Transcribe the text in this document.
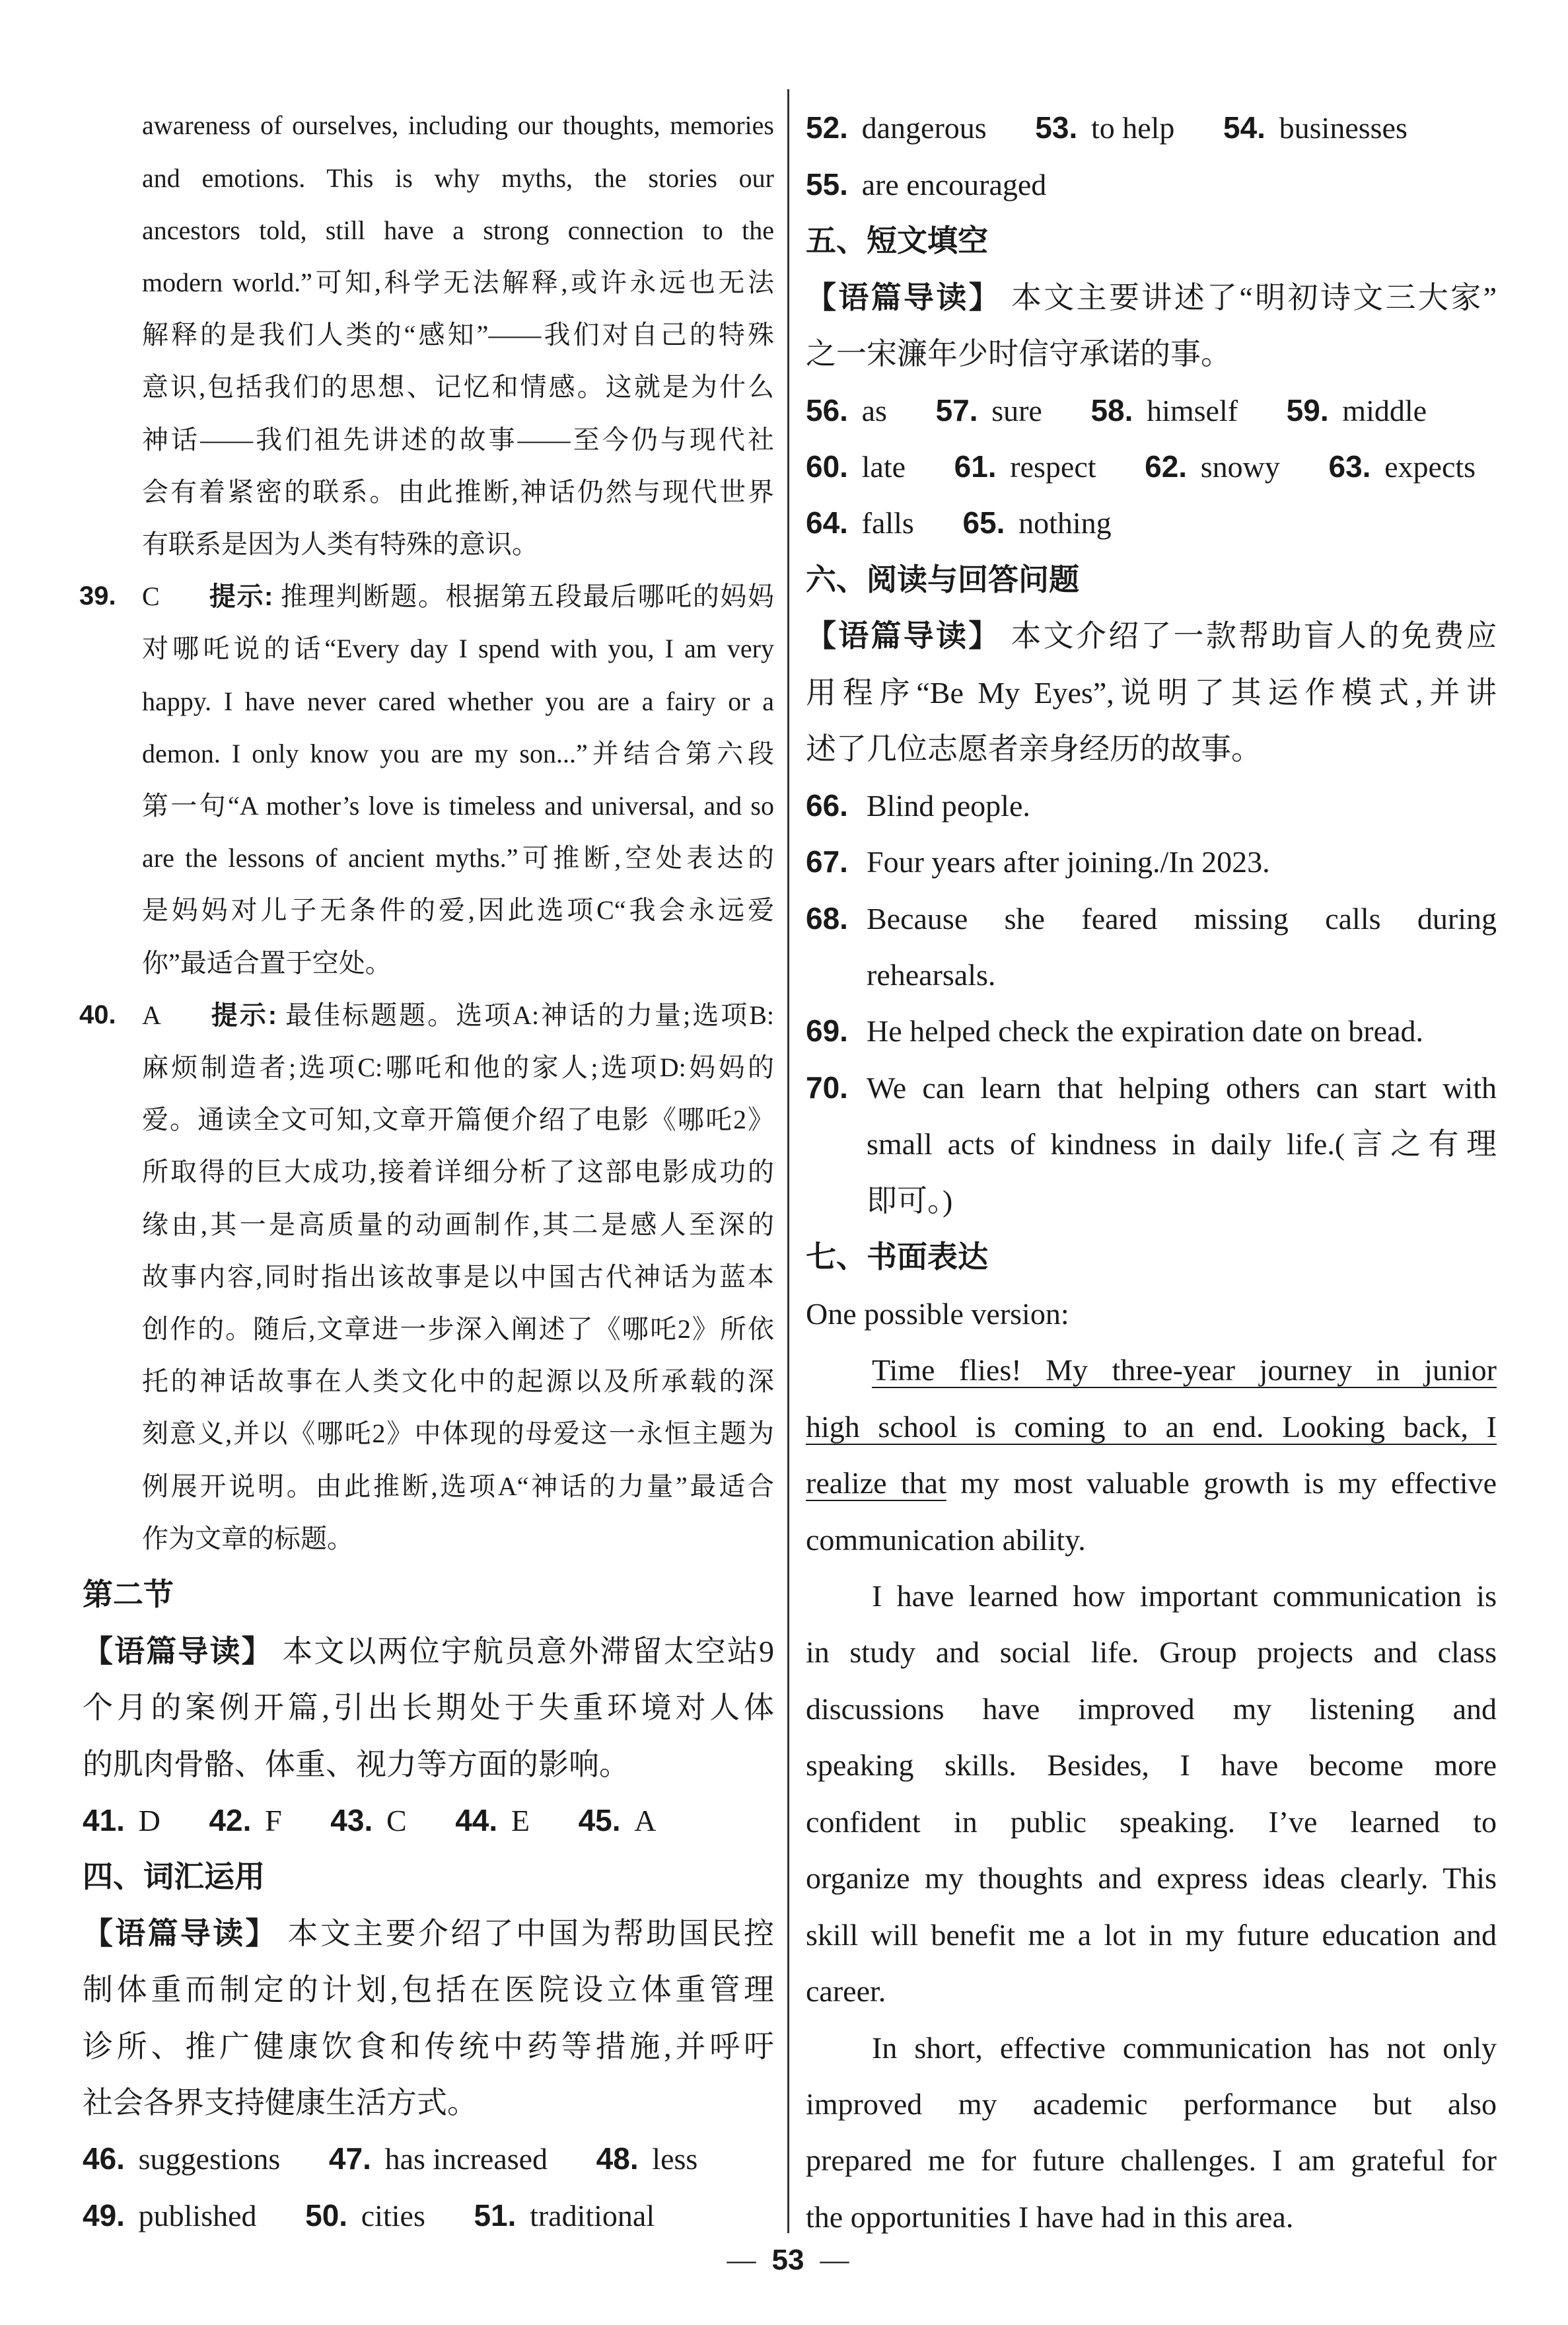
awareness of ourselves, including our thoughts, memories
and emotions. This is why myths, the stories our
ancestors told, still have a strong connection to the
modern world.”可知,科学无法解释,或许永远也无法
解释的是我们人类的“感知”——我们对自己的特殊
意识,包括我们的思想、记忆和情感。这就是为什么
神话——我们祖先讲述的故事——至今仍与现代社
会有着紧密的联系。由此推断,神话仍然与现代世界
有联系是因为人类有特殊的意识。
39. C 提示: 推理判断题。根据第五段最后哪吒的妈妈
对哪吒说的话“Every day I spend with you, I am very
happy. I have never cared whether you are a fairy or a
demon. I only know you are my son...”并结合第六段
第一句“A mother’s love is timeless and universal, and so
are the lessons of ancient myths.”可推断,空处表达的
是妈妈对儿子无条件的爱,因此选项C“我会永远爱
你”最适合置于空处。
40. A 提示: 最佳标题题。选项A:神话的力量;选项B:
麻烦制造者;选项C:哪吒和他的家人;选项D:妈妈的
爱。通读全文可知,文章开篇便介绍了电影《哪吒2》
所取得的巨大成功,接着详细分析了这部电影成功的
缘由,其一是高质量的动画制作,其二是感人至深的
故事内容,同时指出该故事是以中国古代神话为蓝本
创作的。随后,文章进一步深入阐述了《哪吒2》所依
托的神话故事在人类文化中的起源以及所承载的深
刻意义,并以《哪吒2》中体现的母爱这一永恒主题为
例展开说明。由此推断,选项A“神话的力量”最适合
作为文章的标题。
第二节
【语篇导读】 本文以两位宇航员意外滞留太空站9
个月的案例开篇,引出长期处于失重环境对人体
的肌肉骨骼、体重、视力等方面的影响。
41. D 42. F 43. C 44. E 45. A
四、词汇运用
【语篇导读】 本文主要介绍了中国为帮助国民控
制体重而制定的计划,包括在医院设立体重管理
诊所、推广健康饮食和传统中药等措施,并呼吁
社会各界支持健康生活方式。
46. suggestions 47. has increased 48. less
49. published 50. cities 51. traditional
52. dangerous 53. to help 54. businesses
55. are encouraged
五、短文填空
【语篇导读】 本文主要讲述了“明初诗文三大家”
之一宋濂年少时信守承诺的事。
56. as 57. sure 58. himself 59. middle
60. late 61. respect 62. snowy 63. expects
64. falls 65. nothing
六、阅读与回答问题
【语篇导读】 本文介绍了一款帮助盲人的免费应
用程序“Be My Eyes”,说明了其运作模式,并讲
述了几位志愿者亲身经历的故事。
66. Blind people.
67. Four years after joining./In 2023.
68. Because she feared missing calls during
rehearsals.
69. He helped check the expiration date on bread.
70. We can learn that helping others can start with
small acts of kindness in daily life.(言之有理
即可。)
七、书面表达
One possible version:
Time flies! My three-year journey in junior
high school is coming to an end. Looking back, I
realize that my most valuable growth is my effective
communication ability.
I have learned how important communication is
in study and social life. Group projects and class
discussions have improved my listening and
speaking skills. Besides, I have become more
confident in public speaking. I’ve learned to
organize my thoughts and express ideas clearly. This
skill will benefit me a lot in my future education and
career.
In short, effective communication has not only
improved my academic performance but also
prepared me for future challenges. I am grateful for
the opportunities I have had in this area.
— 53 —
